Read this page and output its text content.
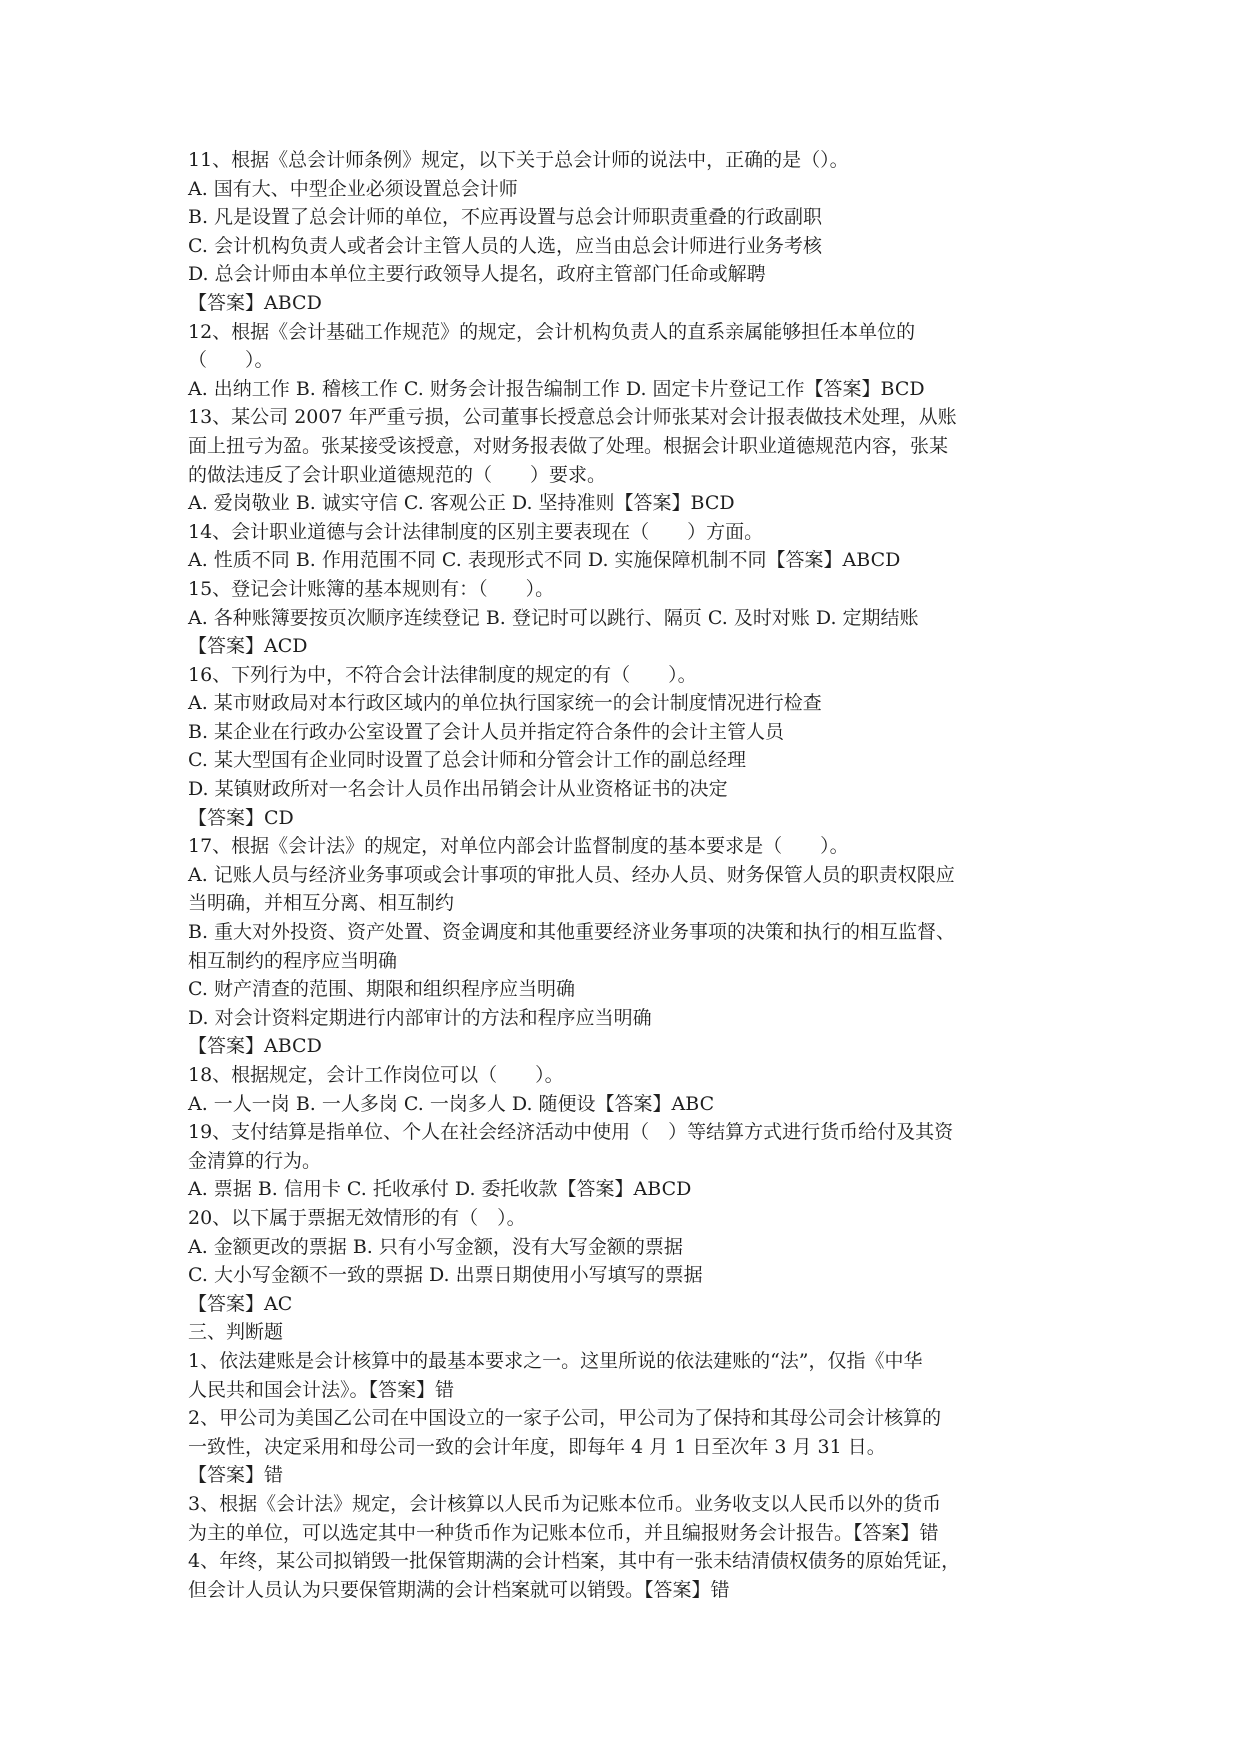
11、根据《总会计师条例》规定，以下关于总会计师的说法中，正确的是（）。
A. 国有大、中型企业必须设置总会计师
B. 凡是设置了总会计师的单位，不应再设置与总会计师职责重叠的行政副职
C. 会计机构负责人或者会计主管人员的人选，应当由总会计师进行业务考核
D. 总会计师由本单位主要行政领导人提名，政府主管部门任命或解聘
【答案】ABCD
12、根据《会计基础工作规范》的规定，会计机构负责人的直系亲属能够担任本单位的
（　　）。
A. 出纳工作 B. 稽核工作 C. 财务会计报告编制工作 D. 固定卡片登记工作【答案】BCD
13、某公司 2007 年严重亏损，公司董事长授意总会计师张某对会计报表做技术处理，从账
面上扭亏为盈。张某接受该授意，对财务报表做了处理。根据会计职业道德规范内容，张某
的做法违反了会计职业道德规范的（　　）要求。
A. 爱岗敬业 B. 诚实守信 C. 客观公正 D. 坚持准则【答案】BCD
14、会计职业道德与会计法律制度的区别主要表现在（　　）方面。
A. 性质不同 B. 作用范围不同 C. 表现形式不同 D. 实施保障机制不同【答案】ABCD
15、登记会计账簿的基本规则有：（　　）。
A. 各种账簿要按页次顺序连续登记 B. 登记时可以跳行、隔页 C. 及时对账 D. 定期结账
【答案】ACD
16、下列行为中，不符合会计法律制度的规定的有（　　）。
A. 某市财政局对本行政区域内的单位执行国家统一的会计制度情况进行检查
B. 某企业在行政办公室设置了会计人员并指定符合条件的会计主管人员
C. 某大型国有企业同时设置了总会计师和分管会计工作的副总经理
D. 某镇财政所对一名会计人员作出吊销会计从业资格证书的决定
【答案】CD
17、根据《会计法》的规定，对单位内部会计监督制度的基本要求是（　　）。
A. 记账人员与经济业务事项或会计事项的审批人员、经办人员、财务保管人员的职责权限应
当明确，并相互分离、相互制约
B. 重大对外投资、资产处置、资金调度和其他重要经济业务事项的决策和执行的相互监督、
相互制约的程序应当明确
C. 财产清查的范围、期限和组织程序应当明确
D. 对会计资料定期进行内部审计的方法和程序应当明确
【答案】ABCD
18、根据规定，会计工作岗位可以（　　）。
A. 一人一岗 B. 一人多岗 C. 一岗多人 D. 随便设【答案】ABC
19、支付结算是指单位、个人在社会经济活动中使用（　）等结算方式进行货币给付及其资
金清算的行为。
A. 票据 B. 信用卡 C. 托收承付 D. 委托收款【答案】ABCD
20、以下属于票据无效情形的有（　）。
A. 金额更改的票据 B. 只有小写金额，没有大写金额的票据
C. 大小写金额不一致的票据 D. 出票日期使用小写填写的票据
【答案】AC
三、判断题
1、依法建账是会计核算中的最基本要求之一。这里所说的依法建账的“法”，仅指《中华
人民共和国会计法》。【答案】错
2、甲公司为美国乙公司在中国设立的一家子公司，甲公司为了保持和其母公司会计核算的
一致性，决定采用和母公司一致的会计年度，即每年 4 月 1 日至次年 3 月 31 日。
【答案】错
3、根据《会计法》规定，会计核算以人民币为记账本位币。业务收支以人民币以外的货币
为主的单位，可以选定其中一种货币作为记账本位币，并且编报财务会计报告。【答案】错
4、年终，某公司拟销毁一批保管期满的会计档案，其中有一张未结清债权债务的原始凭证，
但会计人员认为只要保管期满的会计档案就可以销毁。【答案】错
